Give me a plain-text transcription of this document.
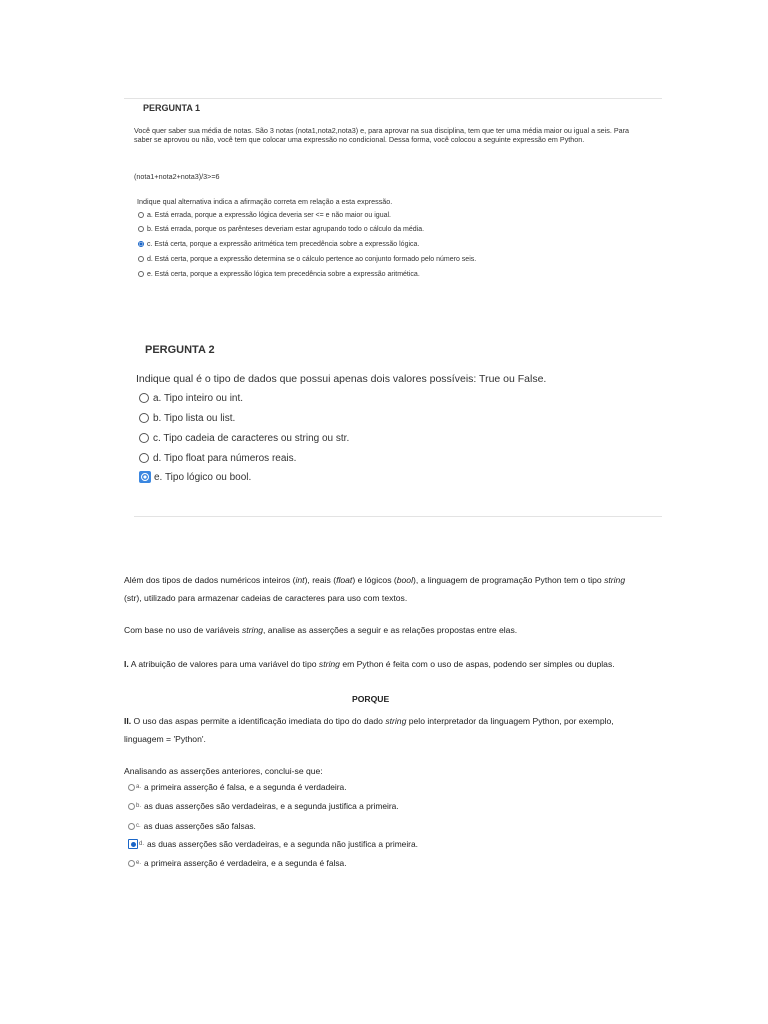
PERGUNTA 1
Você quer saber sua média de notas. São 3 notas (nota1,nota2,nota3) e, para aprovar na sua disciplina, tem que ter uma média maior ou igual a seis. Para saber se aprovou ou não, você tem que colocar uma expressão no condicional. Dessa forma, você colocou a seguinte expressão em Python.
(nota1+nota2+nota3)/3>=6
Indique qual alternativa indica a afirmação correta em relação a esta expressão.
a. Está errada, porque a expressão lógica deveria ser <= e não maior ou igual.
b. Está errada, porque os parênteses deveriam estar agrupando todo o cálculo da média.
c. Está certa, porque a expressão aritmética tem precedência sobre a expressão lógica.
d. Está certa, porque a expressão determina se o cálculo pertence ao conjunto formado pelo número seis.
e. Está certa, porque a expressão lógica tem precedência sobre a expressão aritmética.
PERGUNTA 2
Indique qual é o tipo de dados que possui apenas dois valores possíveis: True ou False.
a. Tipo inteiro ou int.
b. Tipo lista ou list.
c. Tipo cadeia de caracteres ou string ou str.
d. Tipo float para números reais.
e. Tipo lógico ou bool.
Além dos tipos de dados numéricos inteiros (int), reais (float) e lógicos (bool), a linguagem de programação Python tem o tipo string (str), utilizado para armazenar cadeias de caracteres para uso com textos.
Com base no uso de variáveis string, analise as asserções a seguir e as relações propostas entre elas.
I. A atribuição de valores para uma variável do tipo string em Python é feita com o uso de aspas, podendo ser simples ou duplas.
PORQUE
II. O uso das aspas permite a identificação imediata do tipo do dado string pelo interpretador da linguagem Python, por exemplo, linguagem = 'Python'.
Analisando as asserções anteriores, conclui-se que:
a. a primeira asserção é falsa, e a segunda é verdadeira.
b. as duas asserções são verdadeiras, e a segunda justifica a primeira.
c. as duas asserções são falsas.
d. as duas asserções são verdadeiras, e a segunda não justifica a primeira.
e. a primeira asserção é verdadeira, e a segunda é falsa.
